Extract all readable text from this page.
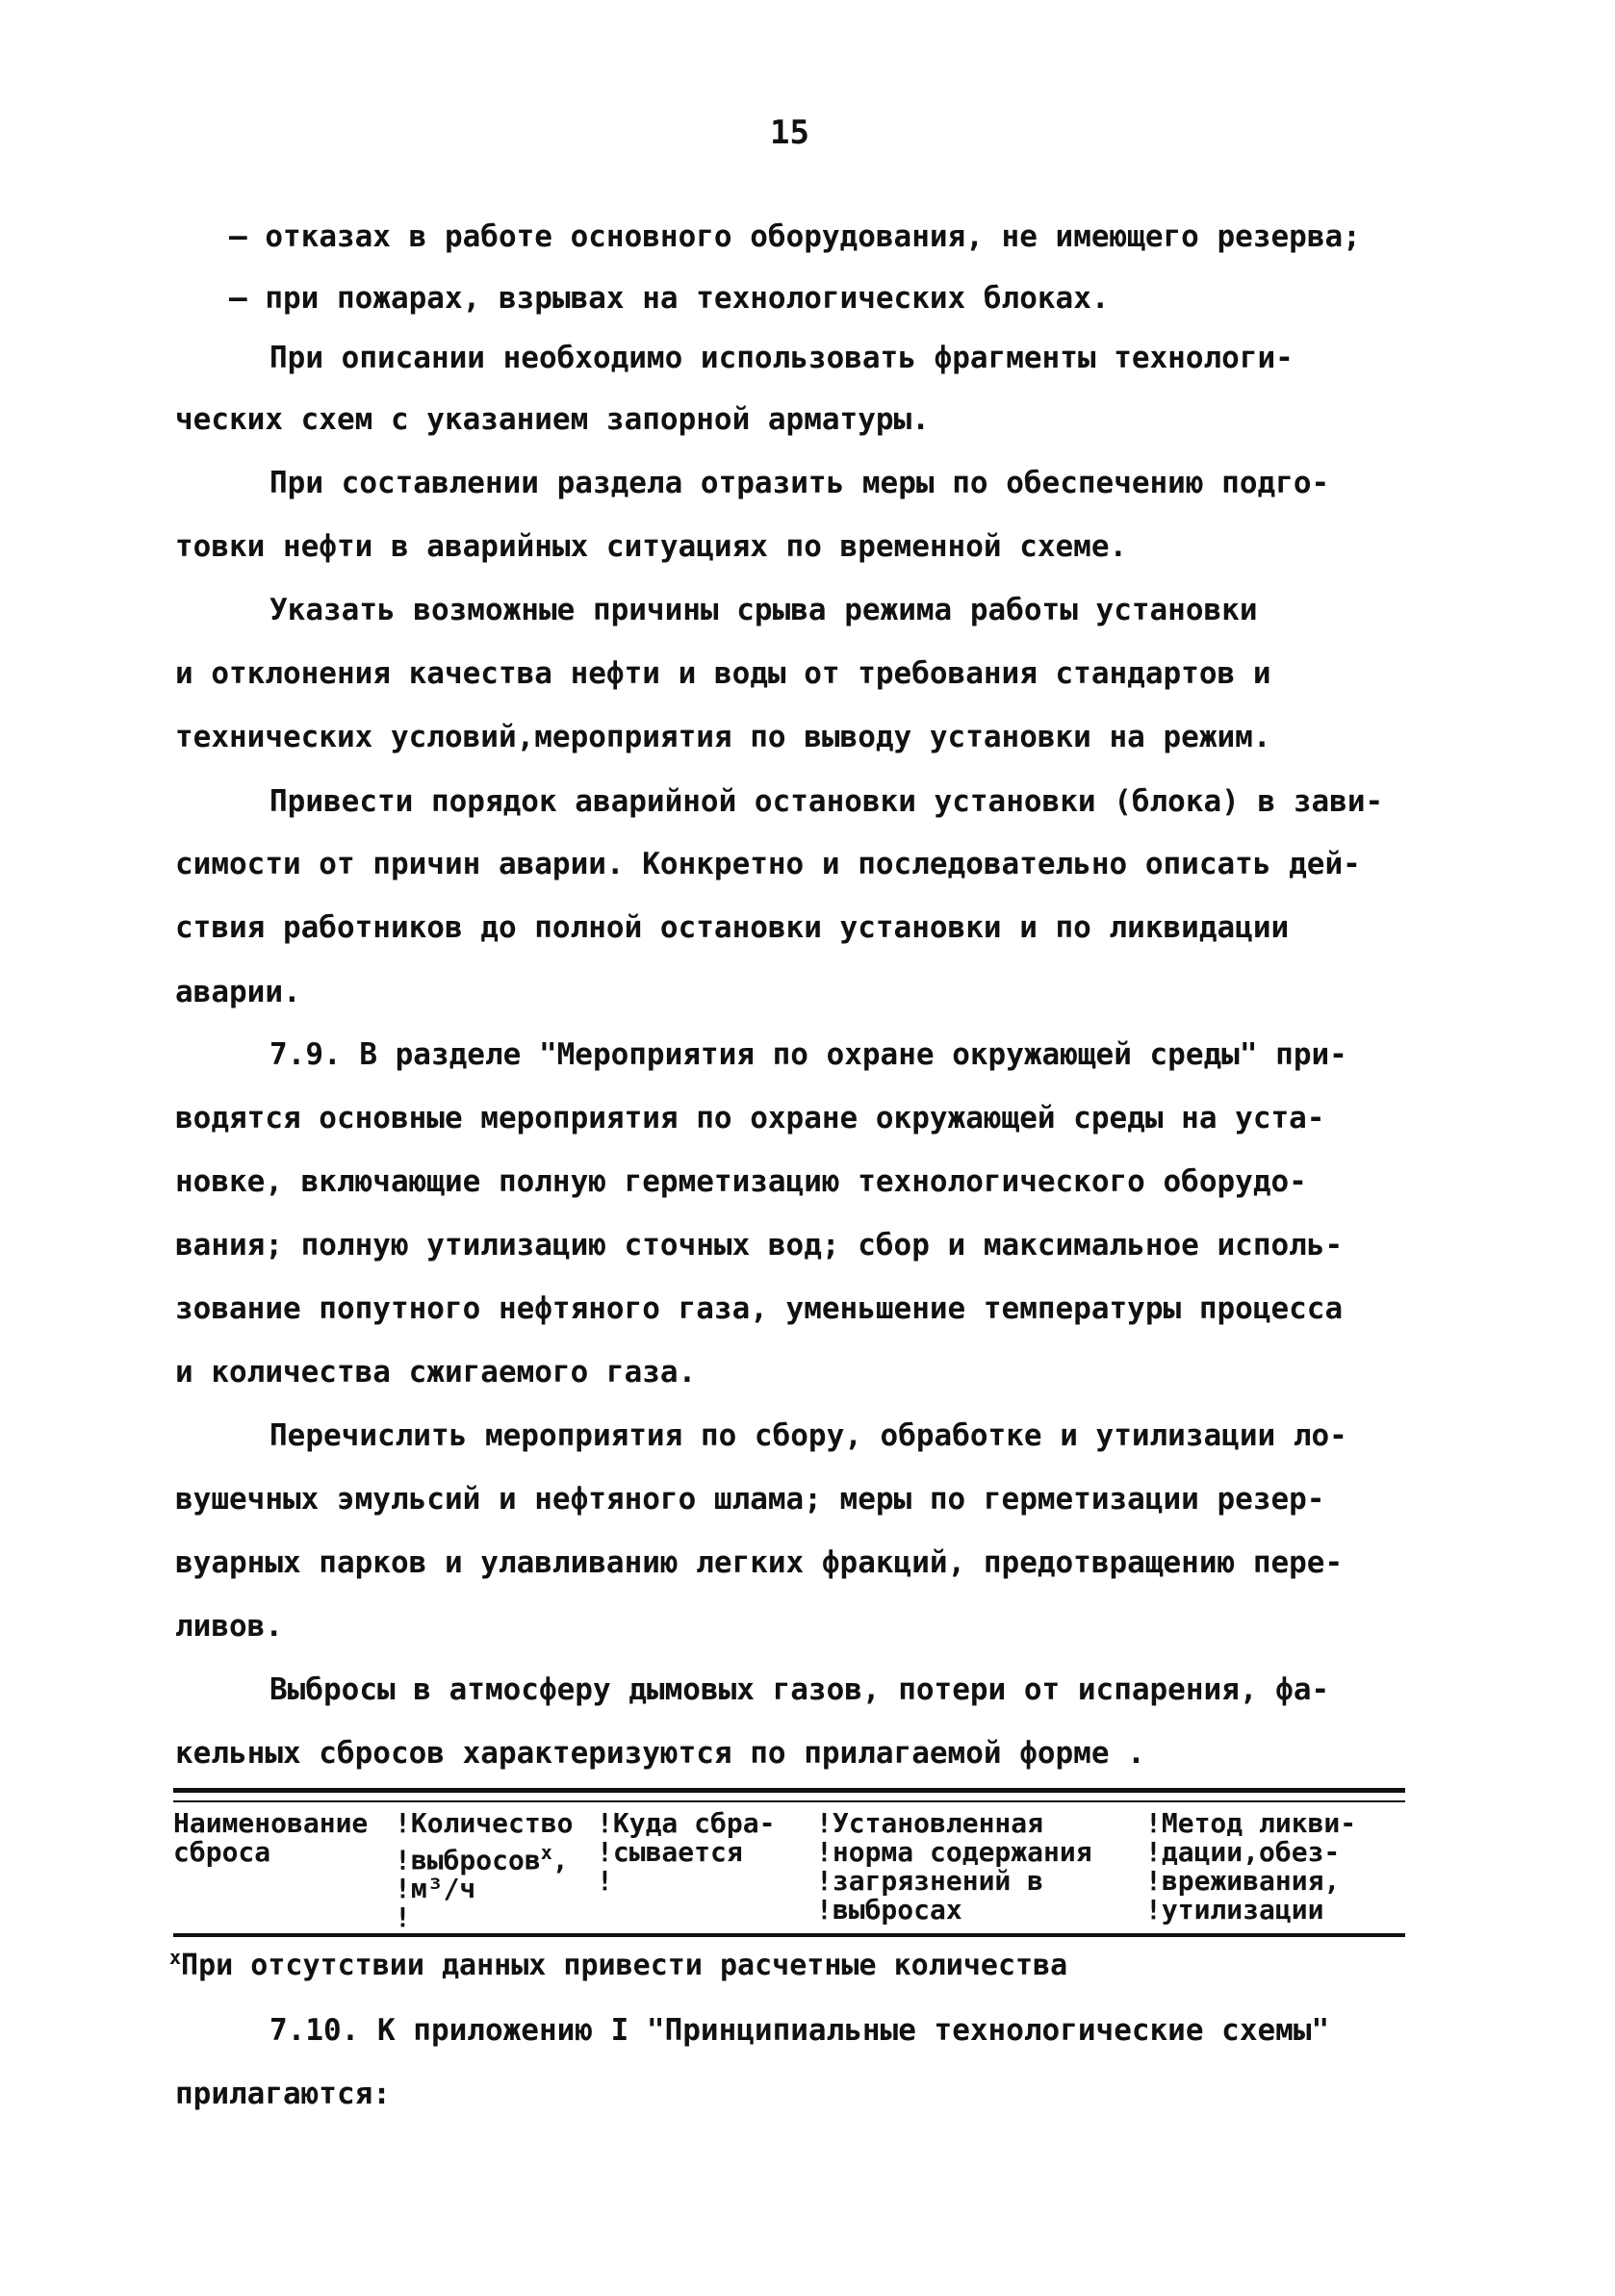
15
– отказах в работе основного оборудования, не имеющего резерва;
– при пожарах, взрывах на технологических блоках.
При описании необходимо использовать фрагменты технологи-
ческих схем с указанием запорной арматуры.
При составлении раздела отразить меры по обеспечению подго-
товки нефти в аварийных ситуациях по временной схеме.
Указать возможные причины срыва режима работы установки
и отклонения качества нефти и воды от требования стандартов и
технических условий,мероприятия по выводу установки на режим.
Привести порядок аварийной остановки установки (блока) в зави-
симости от причин аварии. Конкретно и последовательно описать дей-
ствия работников до полной остановки установки и по ликвидации
аварии.
7.9. В разделе "Мероприятия по охране окружающей среды" при-
водятся основные мероприятия по охране окружающей среды на уста-
новке, включающие полную герметизацию технологического оборудо-
вания; полную утилизацию сточных вод; сбор и максимальное исполь-
зование попутного нефтяного газа, уменьшение температуры процесса
и количества сжигаемого газа.
Перечислить мероприятия по сбору, обработке и утилизации ло-
вушечных эмульсий и нефтяного шлама; меры по герметизации резер-
вуарных парков и улавливанию легких фракций, предотвращению пере-
ливов.
Выбросы в атмосферу дымовых газов, потери от испарения, фа-
кельных сбросов характеризуются по прилагаемой форме .
Наименование
сброса
!Количество
!выбросов$^х$,
!м³/ч
!
!Куда сбра-
!сывается
!
!Установленная
!норма содержания
!загрязнений в
!выбросах
!Метод ликви-
!дации,обез-
!вреживания,
!утилизации
$^х$При отсутствии данных привести расчетные количества
7.10. К приложению I "Принципиальные технологические схемы"
прилагаются:
